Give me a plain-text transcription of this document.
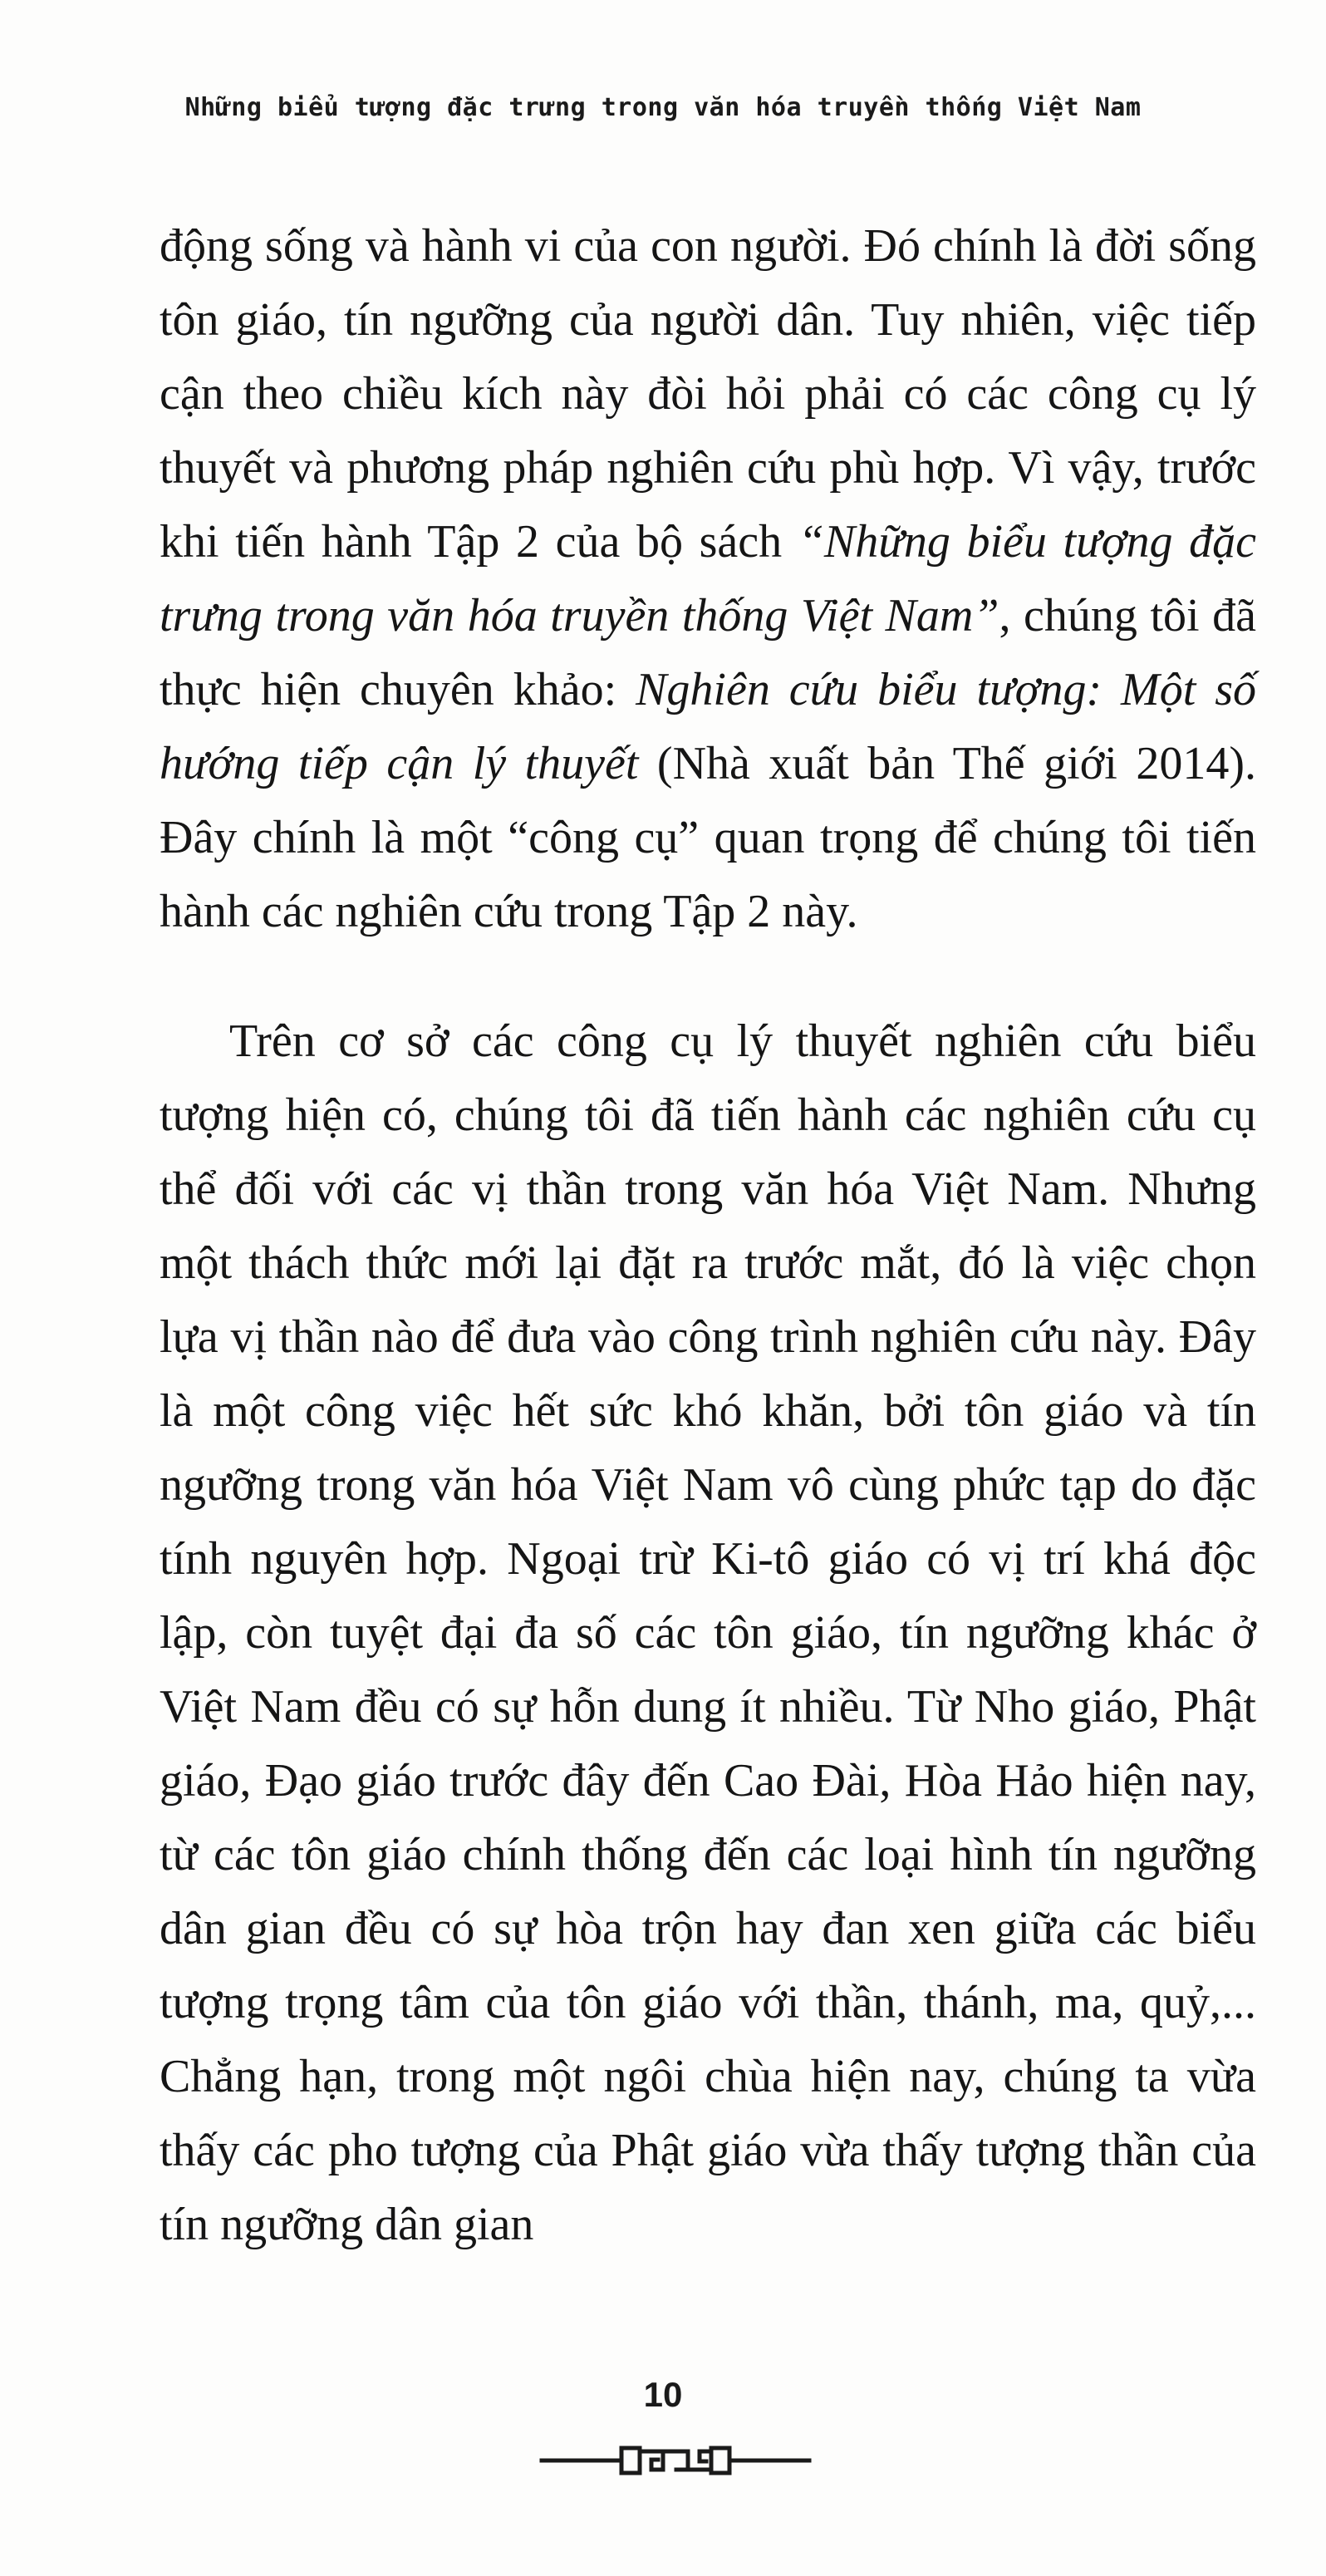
Những biểu tượng đặc trưng trong văn hóa truyền thống Việt Nam

động sống và hành vi của con người. Đó chính là đời sống tôn giáo, tín ngưỡng của người dân. Tuy nhiên, việc tiếp cận theo chiều kích này đòi hỏi phải có các công cụ lý thuyết và phương pháp nghiên cứu phù hợp. Vì vậy, trước khi tiến hành Tập 2 của bộ sách “Những biểu tượng đặc trưng trong văn hóa truyền thống Việt Nam”, chúng tôi đã thực hiện chuyên khảo: Nghiên cứu biểu tượng: Một số hướng tiếp cận lý thuyết (Nhà xuất bản Thế giới 2014). Đây chính là một “công cụ” quan trọng để chúng tôi tiến hành các nghiên cứu trong Tập 2 này.

Trên cơ sở các công cụ lý thuyết nghiên cứu biểu tượng hiện có, chúng tôi đã tiến hành các nghiên cứu cụ thể đối với các vị thần trong văn hóa Việt Nam. Nhưng một thách thức mới lại đặt ra trước mắt, đó là việc chọn lựa vị thần nào để đưa vào công trình nghiên cứu này. Đây là một công việc hết sức khó khăn, bởi tôn giáo và tín ngưỡng trong văn hóa Việt Nam vô cùng phức tạp do đặc tính nguyên hợp. Ngoại trừ Ki-tô giáo có vị trí khá độc lập, còn tuyệt đại đa số các tôn giáo, tín ngưỡng khác ở Việt Nam đều có sự hỗn dung ít nhiều. Từ Nho giáo, Phật giáo, Đạo giáo trước đây đến Cao Đài, Hòa Hảo hiện nay, từ các tôn giáo chính thống đến các loại hình tín ngưỡng dân gian đều có sự hòa trộn hay đan xen giữa các biểu tượng trọng tâm của tôn giáo với thần, thánh, ma, quỷ,... Chẳng hạn, trong một ngôi chùa hiện nay, chúng ta vừa thấy các pho tượng của Phật giáo vừa thấy tượng thần của tín ngưỡng dân gian

10
